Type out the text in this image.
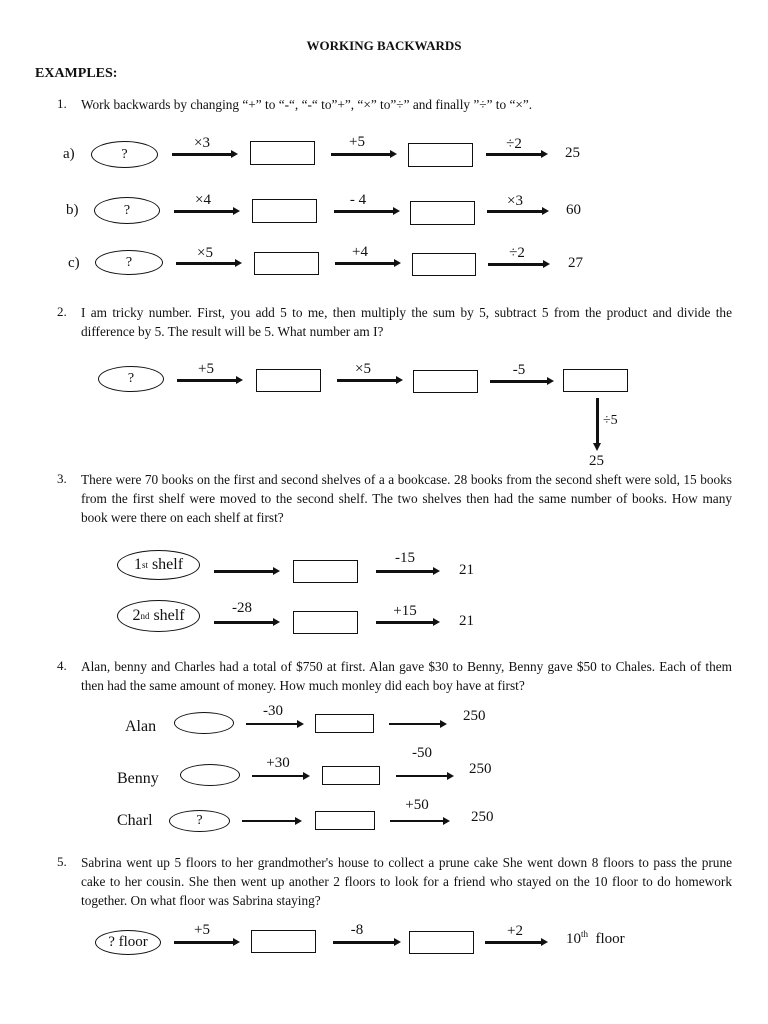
WORKING BACKWARDS
EXAMPLES:
1. Work backwards by changing “+” to “-“, “-“ to”+”, “×” to”÷” and finally ”÷” to “×”.
a)	?
×3	+5	÷2
25
b)	?
×4	- 4	×3
60
c)	?
×5	+4	÷2
27
2. I am tricky number. First, you add 5 to me, then multiply the sum by 5, subtract 5 from the product and divide the difference by 5. The result will be 5. What number am I?
?
+5	×5	-5
÷5
25
3. There were 70 books on the first and second shelves of a a bookcase. 28 books from the second sheft were sold, 15 books from the first shelf were moved to the second shelf. The two shelves then had the same number of books. How many book were there on each shelf at first?
1 st shelf	-15
21
2 nd shelf	-28	+15
21
4. Alan, benny and Charles had a total of $750 at first. Alan gave $30 to Benny, Benny gave $50 to Chales. Each of them then had the same amount of money. How much monley did each boy have at first?
Alan
-30	250
Benny
+30
-50
250
Charl	?
+50
250
5. Sabrina went up 5 floors to her grandmother's house to collect a prune cake She went down 8 floors to pass the prune cake to her cousin. She then went up another 2 floors to look for a friend who stayed on the 10 floor to do homework together. On what floor was Sabrina staying?
? floor
+5	-8	+2	10th  floor
